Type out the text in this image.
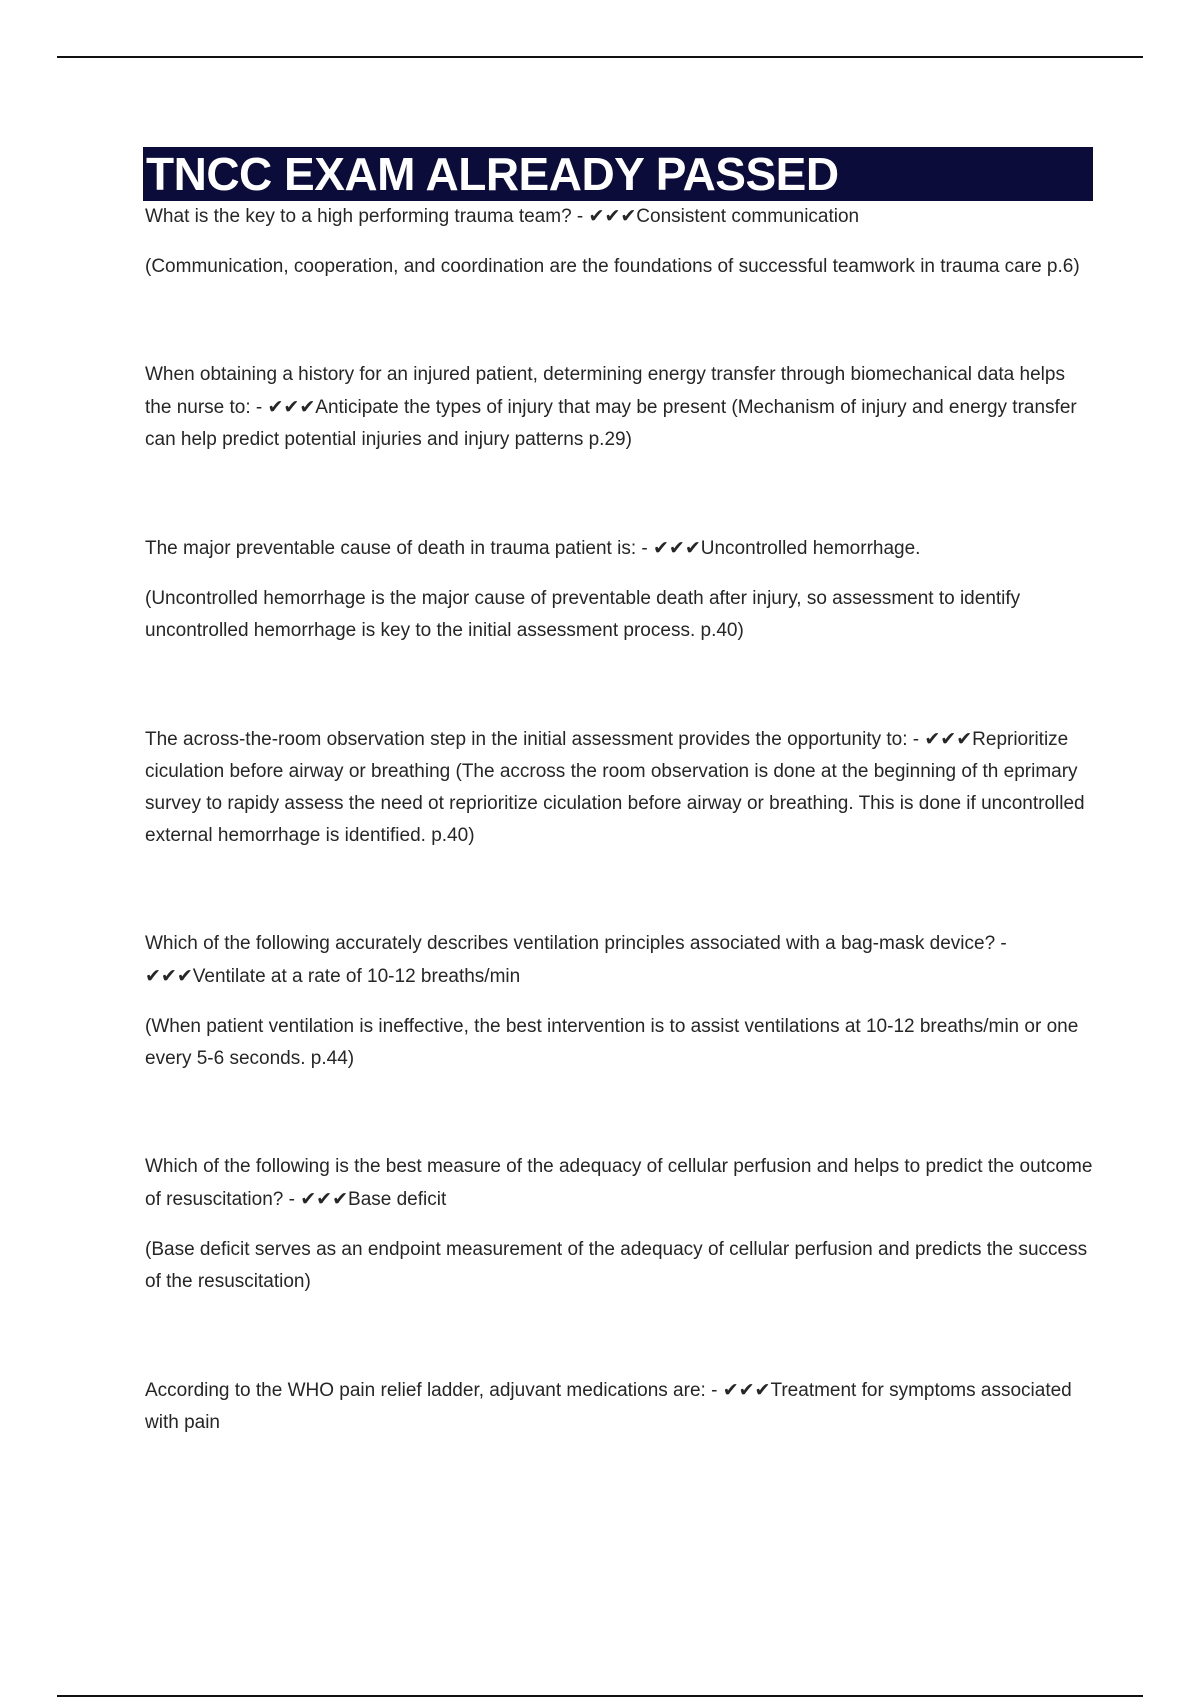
TNCC EXAM ALREADY PASSED

What is the key to a high performing trauma team? - ✔✔✔Consistent communication

(Communication, cooperation, and coordination are the foundations of successful teamwork in trauma care p.6)

When obtaining a history for an injured patient, determining energy transfer through biomechanical data helps the nurse to: - ✔✔✔Anticipate the types of injury that may be present (Mechanism of injury and energy transfer can help predict potential injuries and injury patterns p.29)

The major preventable cause of death in trauma patient is: - ✔✔✔Uncontrolled hemorrhage.

(Uncontrolled hemorrhage is the major cause of preventable death after injury, so assessment to identify uncontrolled hemorrhage is key to the initial assessment process. p.40)

The across-the-room observation step in the initial assessment provides the opportunity to: - ✔✔✔Reprioritize ciculation before airway or breathing (The accross the room observation is done at the beginning of th eprimary survey to rapidy assess the need ot reprioritize ciculation before airway or breathing. This is done if uncontrolled external hemorrhage is identified. p.40)

Which of the following accurately describes ventilation principles associated with a bag-mask device? - ✔✔✔Ventilate at a rate of 10-12 breaths/min

(When patient ventilation is ineffective, the best intervention is to assist ventilations at 10-12 breaths/min or one every 5-6 seconds. p.44)

Which of the following is the best measure of the adequacy of cellular perfusion and helps to predict the outcome of resuscitation? - ✔✔✔Base deficit

(Base deficit serves as an endpoint measurement of the adequacy of cellular perfusion and predicts the success of the resuscitation)

According to the WHO pain relief ladder, adjuvant medications are: - ✔✔✔Treatment for symptoms associated with pain
